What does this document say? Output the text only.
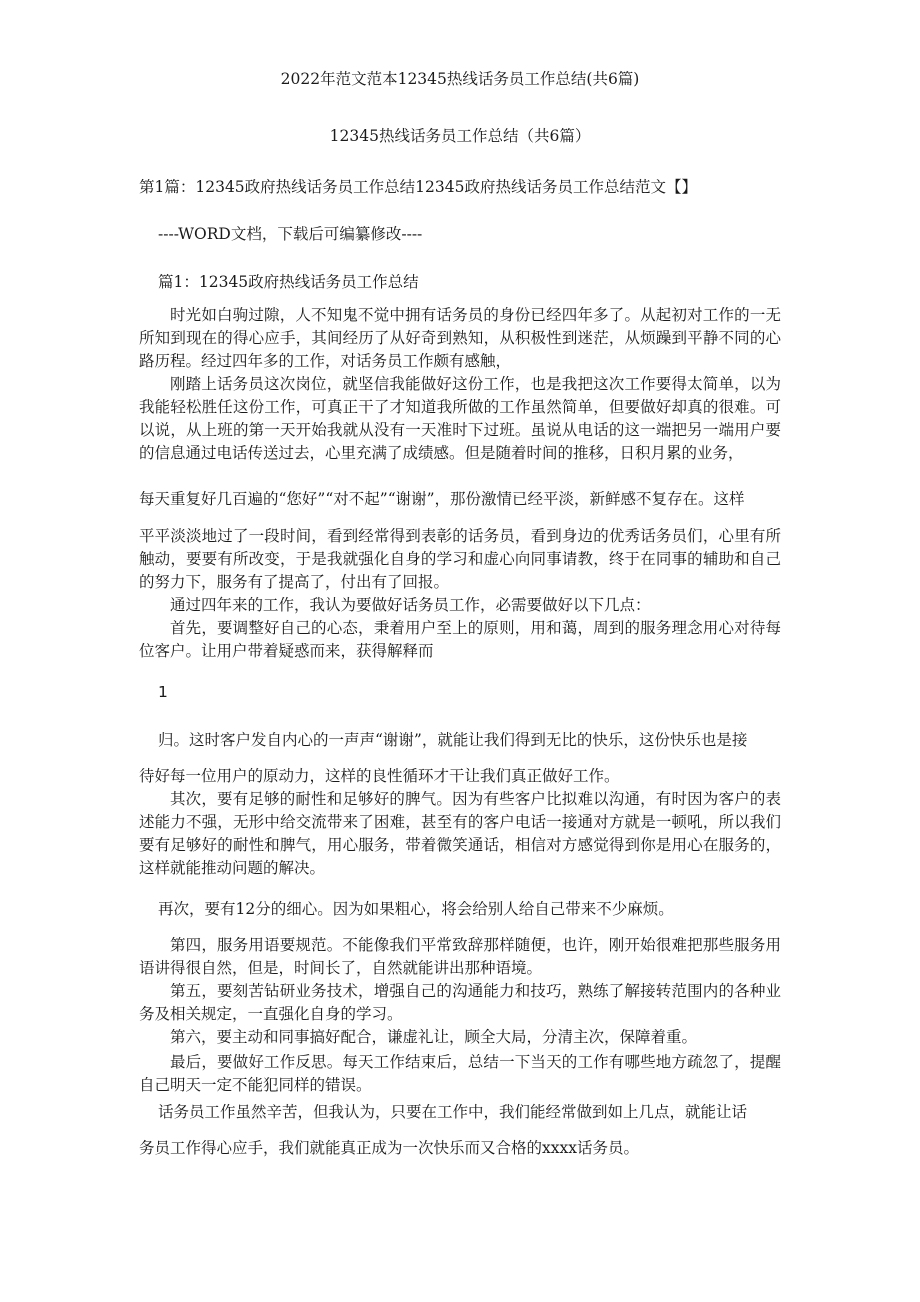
2022年范文范本12345热线话务员工作总结(共6篇)
12345热线话务员工作总结（共6篇）
第1篇：12345政府热线话务员工作总结12345政府热线话务员工作总结范文【】
----WORD文档，下载后可编纂修改----
篇1：12345政府热线话务员工作总结
时光如白驹过隙，人不知鬼不觉中拥有话务员的身份已经四年多了。从起初对工作的一无所知到现在的得心应手，其间经历了从好奇到熟知，从积极性到迷茫，从烦躁到平静不同的心路历程。经过四年多的工作，对话务员工作颇有感触，
刚踏上话务员这次岗位，就坚信我能做好这份工作，也是我把这次工作要得太简单，以为我能轻松胜任这份工作，可真正干了才知道我所做的工作虽然简单，但要做好却真的很难。可以说，从上班的第一天开始我就从没有一天准时下过班。虽说从电话的这一端把另一端用户要的信息通过电话传送过去，心里充满了成绩感。但是随着时间的推移，日积月累的业务，
每天重复好几百遍的“您好”“对不起”“谢谢”，那份激情已经平淡，新鲜感不复存在。这样
平平淡淡地过了一段时间，看到经常得到表彰的话务员，看到身边的优秀话务员们，心里有所触动，要要有所改变，于是我就强化自身的学习和虚心向同事请教，终于在同事的辅助和自己的努力下，服务有了提高了，付出有了回报。
通过四年来的工作，我认为要做好话务员工作，必需要做好以下几点：
首先，要调整好自己的心态，秉着用户至上的原则，用和蔼，周到的服务理念用心对待每位客户。让用户带着疑惑而来，获得解释而
1
归。这时客户发自内心的一声声“谢谢”，就能让我们得到无比的快乐，这份快乐也是接
待好每一位用户的原动力，这样的良性循环才干让我们真正做好工作。
其次，要有足够的耐性和足够好的脾气。因为有些客户比拟难以沟通，有时因为客户的表述能力不强，无形中给交流带来了困难，甚至有的客户电话一接通对方就是一顿吼，所以我们要有足够好的耐性和脾气，用心服务，带着微笑通话，相信对方感觉得到你是用心在服务的，这样就能推动问题的解决。
再次，要有12分的细心。因为如果粗心，将会给别人给自己带来不少麻烦。
第四，服务用语要规范。不能像我们平常致辞那样随便，也许，刚开始很难把那些服务用语讲得很自然，但是，时间长了，自然就能讲出那种语境。
第五，要刻苦钻研业务技术，增强自己的沟通能力和技巧，熟练了解接转范围内的各种业务及相关规定，一直强化自身的学习。
第六，要主动和同事搞好配合，谦虚礼让，顾全大局，分清主次，保障着重。
最后，要做好工作反思。每天工作结束后，总结一下当天的工作有哪些地方疏忽了，提醒自己明天一定不能犯同样的错误。
话务员工作虽然辛苦，但我认为，只要在工作中，我们能经常做到如上几点，就能让话
务员工作得心应手，我们就能真正成为一次快乐而又合格的xxxx话务员。
